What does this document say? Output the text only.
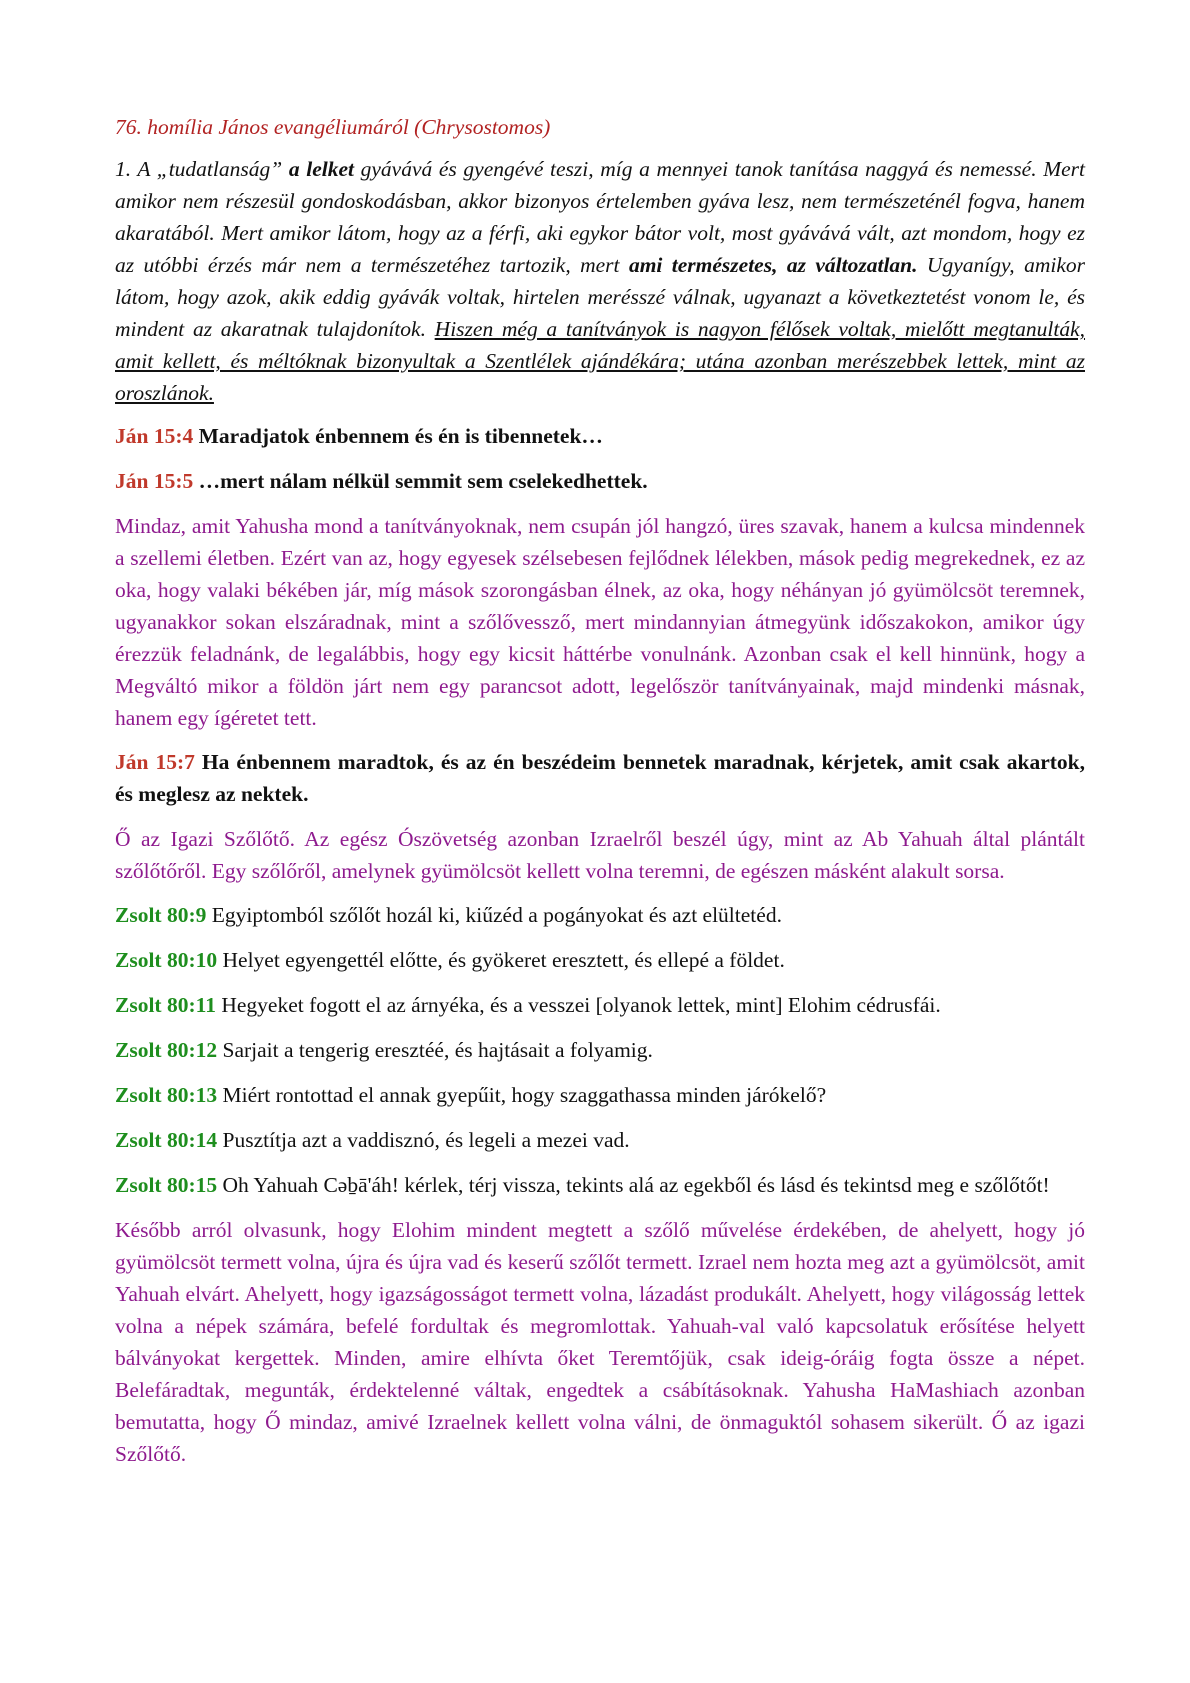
76. homília János evangéliumáról (Chrysostomos)

1. A „tudatlanság” a lelket gyávává és gyengévé teszi, míg a mennyei tanok tanítása naggyá és nemessé. Mert amikor nem részesül gondoskodásban, akkor bizonyos értelemben gyáva lesz, nem természeténél fogva, hanem akaratából. Mert amikor látom, hogy az a férfi, aki egykor bátor volt, most gyávává vált, azt mondom, hogy ez az utóbbi érzés már nem a természetéhez tartozik, mert ami természetes, az változatlan. Ugyanígy, amikor látom, hogy azok, akik eddig gyávák voltak, hirtelen merésszé válnak, ugyanazt a következtetést vonom le, és mindent az akaratnak tulajdonítok. Hiszen még a tanítványok is nagyon félősek voltak, mielőtt megtanulták, amit kellett, és méltóknak bizonyultak a Szentlélek ajándékára; utána azonban merészebbek lettek, mint az oroszlánok.

Ján 15:4 Maradjatok énbennem és én is tibennetek…

Ján 15:5 …mert nálam nélkül semmit sem cselekedhettek.

Mindaz, amit Yahusha mond a tanítványoknak, nem csupán jól hangzó, üres szavak, hanem a kulcsa mindennek a szellemi életben. Ezért van az, hogy egyesek szélsebesen fejlődnek lélekben, mások pedig megrekednek, ez az oka, hogy valaki békében jár, míg mások szorongásban élnek, az oka, hogy néhányan jó gyümölcsöt teremnek, ugyanakkor sokan elszáradnak, mint a szőlővessző, mert mindannyian átmegyünk időszakokon, amikor úgy érezzük feladnánk, de legalábbis, hogy egy kicsit háttérbe vonulnánk. Azonban csak el kell hinnünk, hogy a Megváltó mikor a földön járt nem egy parancsot adott, legelőször tanítványainak, majd mindenki másnak, hanem egy ígéretet tett.

Ján 15:7 Ha énbennem maradtok, és az én beszédeim bennetek maradnak, kérjetek, amit csak akartok, és meglesz az nektek.

Ő az Igazi Szőlőtő. Az egész Ószövetség azonban Izraelről beszél úgy, mint az Ab Yahuah által plántált szőlőtőről. Egy szőlőről, amelynek gyümölcsöt kellett volna teremni, de egészen másként alakult sorsa.

Zsolt 80:9 Egyiptomból szőlőt hozál ki, kiűzéd a pogányokat és azt elültetéd.

Zsolt 80:10 Helyet egyengettél előtte, és gyökeret eresztett, és ellepé a földet.

Zsolt 80:11 Hegyeket fogott el az árnyéka, és a vesszei [olyanok lettek, mint] Elohim cédrusfái.

Zsolt 80:12 Sarjait a tengerig eresztéé, és hajtásait a folyamig.

Zsolt 80:13 Miért rontottad el annak gyepűit, hogy szaggathassa minden járókelő?

Zsolt 80:14 Pusztítja azt a vaddisznó, és legeli a mezei vad.

Zsolt 80:15 Oh Yahuah Cəḇā'áh! kérlek, térj vissza, tekints alá az egekből és lásd és tekintsd meg e szőlőtőt!

Később arról olvasunk, hogy Elohim mindent megtett a szőlő művelése érdekében, de ahelyett, hogy jó gyümölcsöt termett volna, újra és újra vad és keserű szőlőt termett. Izrael nem hozta meg azt a gyümölcsöt, amit Yahuah elvárt. Ahelyett, hogy igazságosságot termett volna, lázadást produkált. Ahelyett, hogy világosság lettek volna a népek számára, befelé fordultak és megromlottak. Yahuah-val való kapcsolatuk erősítése helyett bálványokat kergettek. Minden, amire elhívta őket Teremtőjük, csak ideig-óráig fogta össze a népet. Belefáradtak, megunták, érdektelenné váltak, engedtek a csábításoknak. Yahusha HaMashiach azonban bemutatta, hogy Ő mindaz, amivé Izraelnek kellett volna válni, de önmaguktól sohasem sikerült. Ő az igazi Szőlőtő.
